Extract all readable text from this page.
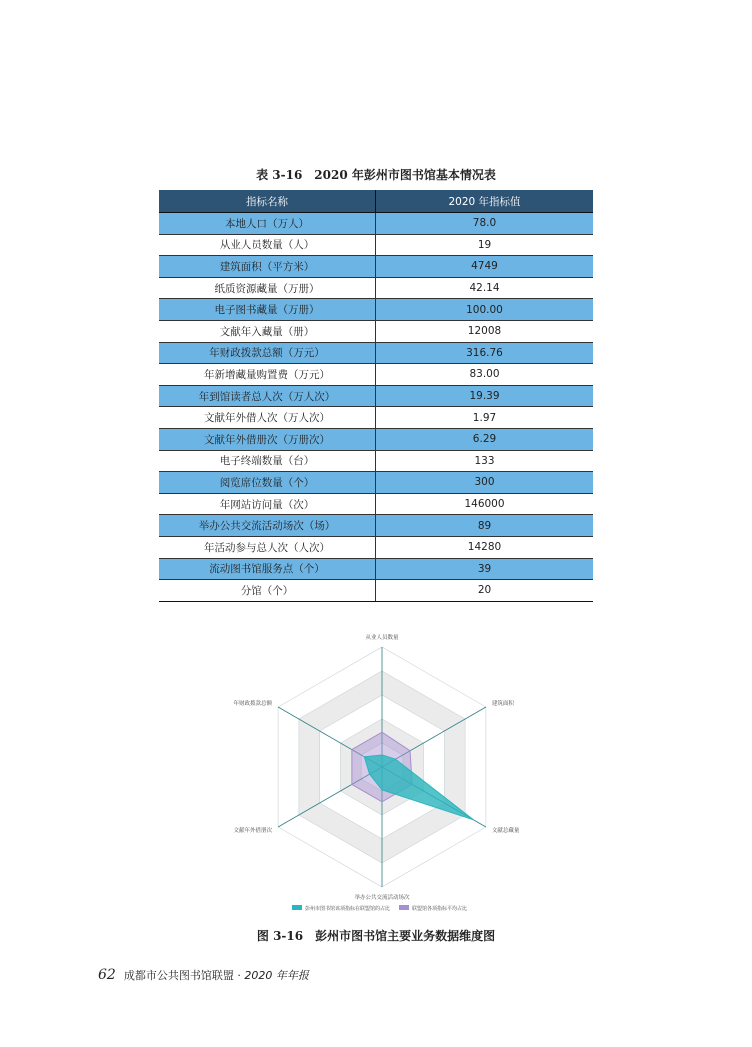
表 3-16　2020 年彭州市图书馆基本情况表
指标名称	2020 年指标值
本地人口（万人）	78.0
从业人员数量（人）	19
建筑面积（平方米）	4749
纸质资源藏量（万册）	42.14
电子图书藏量（万册）	100.00
文献年入藏量（册）	12008
年财政拨款总额（万元）	316.76
年新增藏量购置费（万元）	83.00
年到馆读者总人次（万人次）	19.39
文献年外借人次（万人次）	1.97
文献年外借册次（万册次）	6.29
电子终端数量（台）	133
阅览席位数量（个）	300
年网站访问量（次）	146000
举办公共交流活动场次（场）	89
年活动参与总人次（人次）	14280
流动图书馆服务点（个）	39
分馆（个）	20
从业人员数量
建筑面积
文献总藏量
举办公共交流活动场次
文献年外借册次
年财政拨款总额
彭州市图书馆该项指标在联盟馆的占比	联盟馆各项指标平均占比
图 3-16　彭州市图书馆主要业务数据维度图
62 成都市公共图书馆联盟 · 2020 年年报
